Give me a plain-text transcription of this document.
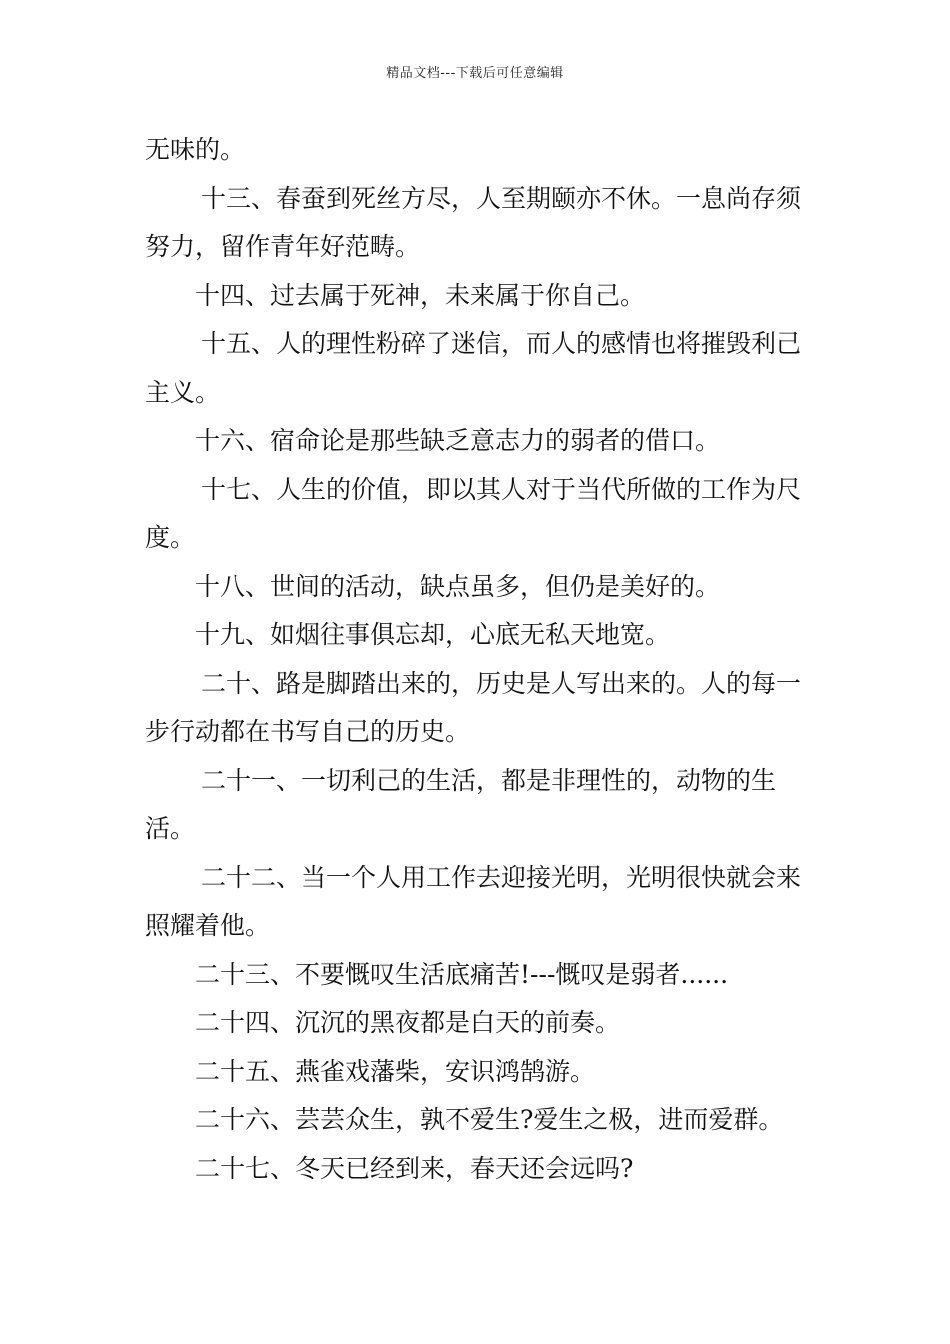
精品文档---下载后可任意编辑

无味的。

十三、春蚕到死丝方尽，人至期颐亦不休。一息尚存须努力，留作青年好范畴。

十四、过去属于死神，未来属于你自己。

十五、人的理性粉碎了迷信，而人的感情也将摧毁利己主义。

十六、宿命论是那些缺乏意志力的弱者的借口。

十七、人生的价值，即以其人对于当代所做的工作为尺度。

十八、世间的活动，缺点虽多，但仍是美好的。

十九、如烟往事俱忘却，心底无私天地宽。

二十、路是脚踏出来的，历史是人写出来的。人的每一步行动都在书写自己的历史。

二十一、一切利己的生活，都是非理性的，动物的生活。

二十二、当一个人用工作去迎接光明，光明很快就会来照耀着他。

二十三、不要慨叹生活底痛苦!---慨叹是弱者......

二十四、沉沉的黑夜都是白天的前奏。

二十五、燕雀戏藩柴，安识鸿鹄游。

二十六、芸芸众生，孰不爱生?爱生之极，进而爱群。

二十七、冬天已经到来，春天还会远吗?
